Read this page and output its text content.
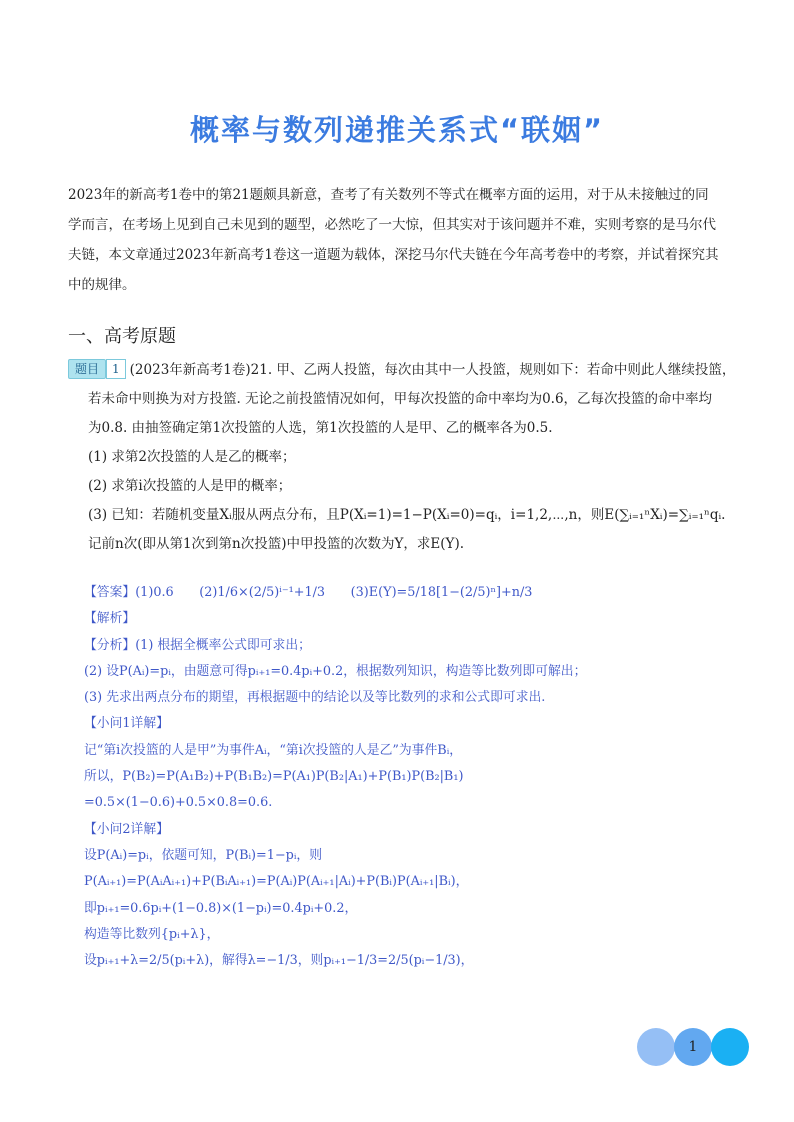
概率与数列递推关系式“联姻”

2023年的新高考1卷中的第21题颇具新意，查考了有关数列不等式在概率方面的运用，对于从未接触过的同

学而言，在考场上见到自己未见到的题型，必然吃了一大惊，但其实对于该问题并不难，实则考察的是马尔代

夫链，本文章通过2023年新高考1卷这一道题为载体，深挖马尔代夫链在今年高考卷中的考察，并试着探究其

中的规律。

一、高考原题
题目 1 (2023年新高考1卷)21. 甲、乙两人投篮，每次由其中一人投篮，规则如下：若命中则此人继续投篮，
若未命中则换为对方投篮. 无论之前投篮情况如何，甲每次投篮的命中率均为0.6，乙每次投篮的命中率均
为0.8. 由抽签确定第1次投篮的人选，第1次投篮的人是甲、乙的概率各为0.5.
(1) 求第2次投篮的人是乙的概率；
(2) 求第i次投篮的人是甲的概率；
(3) 已知：若随机变量Xᵢ服从两点分布，且P(Xᵢ=1)=1−P(Xᵢ=0)=qᵢ，i=1,2,⋯,n，则E(∑ᵢ₌₁ⁿXᵢ)=∑ᵢ₌₁ⁿqᵢ.
记前n次(即从第1次到第n次投篮)中甲投篮的次数为Y，求E(Y).
【答案】(1)0.6　　(2)1/6×(2/5)ⁱ⁻¹+1/3　　(3)E(Y)=5/18[1−(2/5)ⁿ]+n/3
【解析】
【分析】(1) 根据全概率公式即可求出；
(2) 设P(Aᵢ)=pᵢ，由题意可得pᵢ₊₁=0.4pᵢ+0.2，根据数列知识，构造等比数列即可解出；
(3) 先求出两点分布的期望，再根据题中的结论以及等比数列的求和公式即可求出.
【小问1详解】
记“第i次投篮的人是甲”为事件Aᵢ，“第i次投篮的人是乙”为事件Bᵢ，
所以，P(B₂)=P(A₁B₂)+P(B₁B₂)=P(A₁)P(B₂|A₁)+P(B₁)P(B₂|B₁)
=0.5×(1−0.6)+0.5×0.8=0.6.
【小问2详解】
设P(Aᵢ)=pᵢ，依题可知，P(Bᵢ)=1−pᵢ，则
P(Aᵢ₊₁)=P(AᵢAᵢ₊₁)+P(BᵢAᵢ₊₁)=P(Aᵢ)P(Aᵢ₊₁|Aᵢ)+P(Bᵢ)P(Aᵢ₊₁|Bᵢ)，
即pᵢ₊₁=0.6pᵢ+(1−0.8)×(1−pᵢ)=0.4pᵢ+0.2，
构造等比数列{pᵢ+λ}，
设pᵢ₊₁+λ=2/5(pᵢ+λ)，解得λ=−1/3，则pᵢ₊₁−1/3=2/5(pᵢ−1/3)，
1
